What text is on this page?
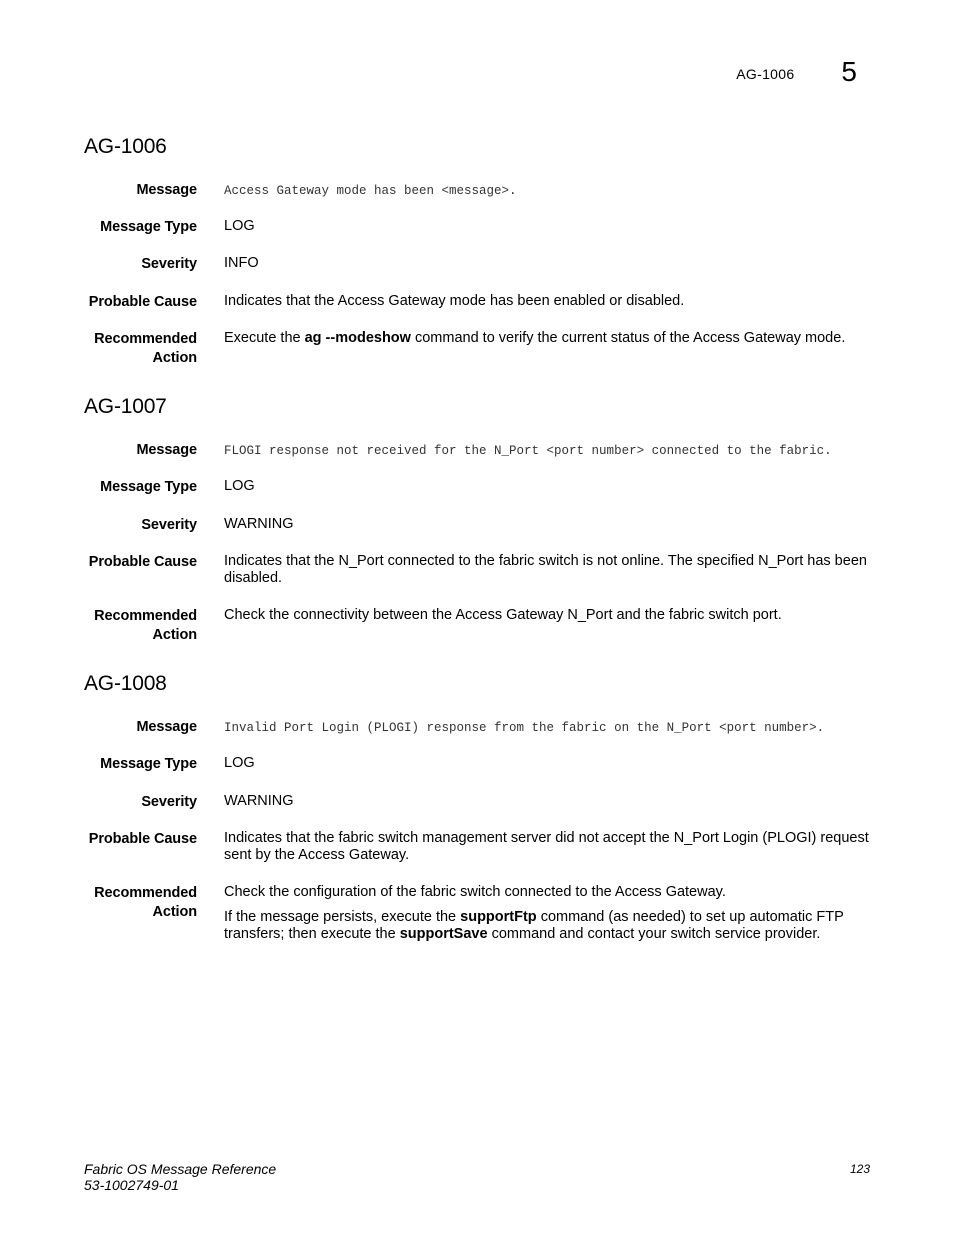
AG-1006 5
AG-1006
Message Access Gateway mode has been <message>.
Message Type LOG
Severity INFO
Probable Cause Indicates that the Access Gateway mode has been enabled or disabled.
Recommended
Action
Execute the ag --modeshow command to verify the current status of the Access Gateway mode.
AG-1007
Message FLOGI response not received for the N_Port <port number> connected to the fabric.
Message Type LOG
Severity WARNING
Probable Cause Indicates that the N_Port connected to the fabric switch is not online. The specified N_Port has been disabled.
Recommended
Action
Check the connectivity between the Access Gateway N_Port and the fabric switch port.
AG-1008
Message Invalid Port Login (PLOGI) response from the fabric on the N_Port <port number>.
Message Type LOG
Severity WARNING
Probable Cause Indicates that the fabric switch management server did not accept the N_Port Login (PLOGI) request sent by the Access Gateway.
Recommended
Action

Check the configuration of the fabric switch connected to the Access Gateway.

If the message persists, execute the supportFtp command (as needed) to set up automatic FTP transfers; then execute the supportSave command and contact your switch service provider.

Fabric OS Message Reference
53-1002749-01
123
